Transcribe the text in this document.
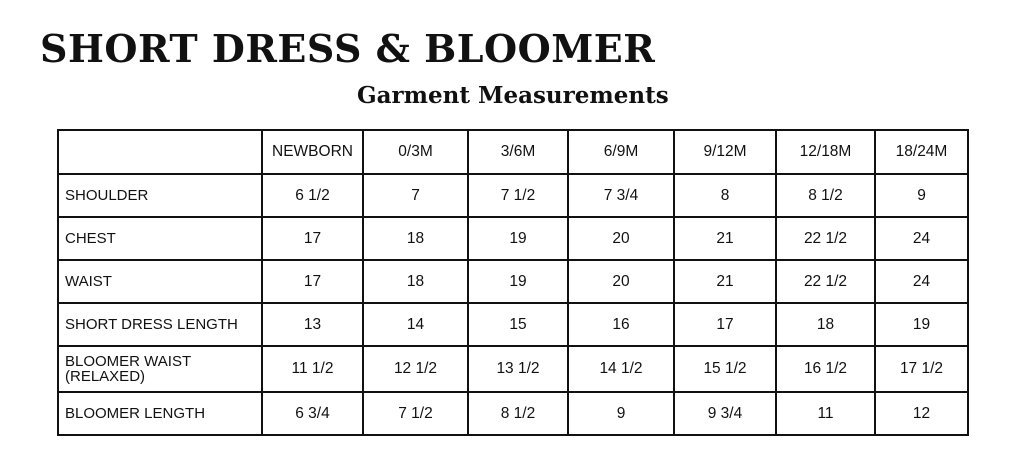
SHORT DRESS & BLOOMER
Garment Measurements
	NEWBORN	0/3M	3/6M	6/9M	9/12M	12/18M	18/24M
SHOULDER	6 1/2	7	7 1/2	7 3/4	8	8 1/2	9
CHEST	17	18	19	20	21	22 1/2	24
WAIST	17	18	19	20	21	22 1/2	24
SHORT DRESS LENGTH	13	14	15	16	17	18	19
BLOOMER WAIST (RELAXED)	11 1/2	12 1/2	13 1/2	14 1/2	15 1/2	16 1/2	17 1/2
BLOOMER LENGTH	6 3/4	7 1/2	8 1/2	9	9 3/4	11	12
